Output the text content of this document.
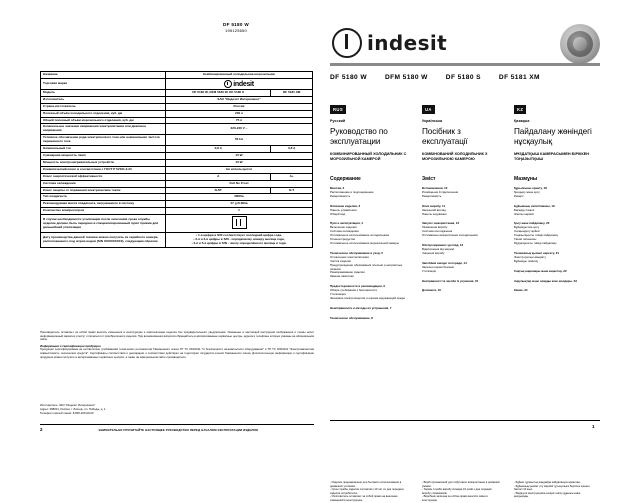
DF 5180 W
195125650
Название	Комбинированный холодильник-морозильник	
Торговая марка	indesit	
Модель	DF 5180 W, DFM 5180 W, DF 5180 S	DF 5181 XM
Изготовитель	ЗАО "Индезит Интернэшнл"	
Страна-изготовитель	Россия	
Полезный объём холодильного отделения, куб. дм	230 л	
Общий полезный объём морозильного отделения, куб. дм	75 л	
Номинальное значение напряжения электропитания или диапазон напряжения	220-240 V ~	
Условное обозначение рода электрического тока или номинальная частота переменного тока	50 Hz	
Номинальный ток	0,8 A	0,8 A
Суммарная мощность ламп	10 W	
Мощность электронагревательных устройств	10 W	
Климатический класс в соответствии с ГОСТ Р 52161.2.24	Не используется	
Класс энергетической эффективности	A	A+
Система охлаждения	Full No Frost	
Класс защиты от поражения электрическим током	N-ST	N-T
Тип хладагента	R600a	
Рекомендуемая масса хладагента, загружаемого в систему	47 g R-600a	
Количество компрессоров	1	
В случае необходимости утилизации после окончания срока службы изделие должно быть передано в специализированный пункт приёма для дальнейшей утилизации		
Дату производства данной техники можно получить из серийного номера, расположенного под штрих-кодом (S/N XXXXXXXXX), следующим образом	• 1-я цифра в S/N соответствует последней цифре года,
• 2-я и 3-я цифры в S/N - порядковому номеру месяца года,
• 4-я и 5-я цифры в S/N - числу определённого месяца и года.	

Производитель оставляет за собой право вносить изменения в конструкцию и комплектацию изделия без предварительного уведомления. Указанные в настоящей инструкции изображения и схемы носят информационный характер и могут отличаться от приобретённого изделия. При возникновении вопросов обращайтесь в авторизованные сервисные центры, адреса и телефоны которых указаны на официальном сайте.

Информация о сертификации продукции
Продукция сертифицирована на соответствие требованиям технических регламентов Таможенного союза ТР ТС 004/2011 "О безопасности низковольтного оборудования" и ТР ТС 020/2011 "Электромагнитная совместимость технических средств". Сертификаты соответствия и декларации о соответствии действуют на территории государств-членов Таможенного союза. Дополнительную информацию о сертификации продукции можно получить в авторизованных сервисных центрах, а также на официальном сайте производителя.

Изготовитель: ЗАО "Индезит Интернэшнл"
Адрес: 398001, Россия, г. Липецк, пл. Победы, д. 1
Телефон горячей линии: 8-800-200-00-00
2	ВНИМАТЕЛЬНО ПРОЧИТАЙТЕ НАСТОЯЩЕЕ РУКОВОДСТВО ПЕРЕД НАЧАЛОМ ЭКСПЛУАТАЦИИ ИЗДЕЛИЯ
indesit
DF 5180 W	DFM 5180 W	DF 5180 S	DF 5181 XM
RUS
Русский
Руководство по эксплуатации
КОМБИНИРОВАННЫЙ ХОЛОДИЛЬНИК С МОРОЗИЛЬНОЙ КАМЕРОЙ
Содержание
Монтаж, 2
Расположение и подсоединение
Реверсивность
Описание изделия, 3
Панель управления
Общий вид
Пуск и эксплуатация, 4
Включение изделия
Система охлаждения
Оптимальное использование холодильника
Гигиена продуктов
Оптимальное использование морозильной камеры
Техническое обслуживание и уход, 5
Отключение электропитания
Чистка изделия
Предупреждение образования плесени и неприятных запахов
Размораживание изделия
Замена лампочки
Предосторожности и рекомендации, 6
Общие требования к безопасности
Утилизация
Экономия электроэнергии и охрана окружающей среды
Неисправности и методы их устранения, 7
Техническое обслуживание, 8
- Изделие предназначено для бытового использования в домашних условиях.
- Срок службы изделия составляет 10 лет со дня передачи изделия потребителю.
- Изготовитель оставляет за собой право на внесение изменений в конструкцию.
UA
Українська
Посібник з експлуатації
КОМБІНОВАНИЙ ХОЛОДИЛЬНИК З МОРОЗИЛЬНОЮ КАМЕРОЮ
Зміст
Встановлення, 10
Розміщення й підключення
Реверсивність
Опис виробу, 11
Загальний вигляд
Панель керування
Запуск і використання, 12
Увімкнення виробу
Система охолодження
Оптимальне використання холодильника
Обслуговування і догляд, 13
Відключення від мережі
Чищення виробу
Запобіжні заходи та поради, 14
Загальні норми безпеки
Утилізація
Несправності та засоби їх усунення, 15
Допомога, 16
- Виріб призначений для побутового використання в домашніх умовах.
- Термін служби виробу складає 10 років з дня передачі виробу споживачеві.
- Виробник залишає за собою право вносити зміни в конструкцію.
KZ
Қазақша
Пайдалану жөніндегі нұсқаулық
МҰЗДАТҚЫШ КАМЕРАСЫМЕН БІРІККЕН ТОҢАЗЫТҚЫШ
Мазмұны
Құрылғыны орнату, 18
Қондыру және қосу
Реверс
Бұйымның сипаттамасы, 19
Басқару панелі
Жалпы көрінісі
Қосу және пайдалану, 20
Бұйымды іске қосу
Салқындату жүйесі
Тоңазытқышты тиімді пайдалану
Тағам гигиенасы
Мұздатқышты тиімді пайдалану
Техникалық қызмет көрсету, 21
Электр қуатын ажырату
Бұйымды тазалау
Сақтық шаралары және кеңестер, 22
Ақаулықтар және оларды жою жолдары, 23
Көмек, 24
- Бұйым тұрмыстық жағдайда пайдалануға арналған.
- Бұйымның қызмет ету мерзімі тұтынушыға берілген күннен бастап 10 жыл.
- Өндіруші конструкцияға өзгеріс енгізу құқығын өзіне қалдырады.
1
